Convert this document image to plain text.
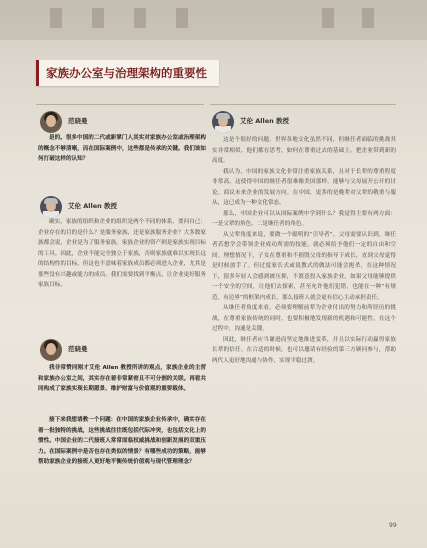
家族办公室与治理架构的重要性
范晓曼

是的。很多中国的二代或新掌门人其实对家族办公室或治理架构的概念不够清晰，而在国际案例中，这些都是传承的关键。我们该如何打破这样的认知？

艾伦 Allen 教授

确实，家族的组织和企业的组织是两个不同的体系。要问自己：企业存在的目的是什么？是服务家族，还是家族服务企业？大多数家族都会说，企业是为了服务家族。家族企业的资产则是家族实现目标的工具。因此，企业不能完全独立于家族，否则家族就难以实现长远的结构性的目标。但这也不意味着家族成员都必须进入企业，尤其是那些没有兴趣或能力的成员。我们需要找到平衡点，让企业更好服务家族目标。

范晓曼

我非常赞同刚才艾伦 Allen 教授所讲的观点，家族企业的主营和家族办公室之间，其实存在着非常紧密且不可分割的关联。再看共同构成了家族实现长期愿景、维护财富与价值观的重要载体。

接下来我想请教一个问题：在中国的家族企业传承中，确实存在着一批独特的挑战，这些挑战往往既包括代际冲突，也包括文化上的惯性。中国企业的二代接班人常常面临权威挑战和创新发展的双重压力。在国际案例中是否也存在类似的情景？有哪些成功的策略，能够帮助家族企业的接班人更好地平衡传统价值观与现代管理理念？

艾伦 Allen 教授

这是个很好的问题。世界各地文化虽然不同，但继任者面临的挑战其实非常相似。他们都在思考，如何在尊重过去的基础上，把企业带到新的高度。

我认为，中国的家族文化非常注重家族关系，且对于长辈的尊重程度非常高。这使得中国的继任者很难像美国那样，能够与父母展开公开的讨论、商议未来企业的发展方向。在中国，更多的是晚辈对父辈的敬重与服从，这已成为一种文化常态。

那么，中国企业可以从国际案例中学到什么？我觉得主要有两方面：一是父辈的角色，二是继任者的角色。

从父辈角度来说，要做一个聪明的“引导者”。父母需要认识到，继任者若想学会带领企业成功所需的技能，就必须给予他们一定的自由和空间。理想情况下，子女在尊重和不损毁父母的指导下成长，直到父母觉得是时候放手了。但过度家长式或说教式的做法可能会扼杀，在这种情况下，很多年轻人会感到被压抑，不愿意投入家族企业，如果父母能够提供一个安全的空间，让他们去探索，甚至允许他们犯错，也能在一种“有规范、有边界”的框架内成长，那么接班人就会更有信心主动承担责任。

从继任者角度来看，必须要理解前辈为企业付出的努力和所经历的挑战，在尊重家族传统的同时，也要积极地发现新的机遇和可能性。在这个过程中，沟通是关键。

因此，继任者应当谦逊而坚定地推进变革，并且以实际行动赢得家族长辈的信任。在合适的时候，也可以邀请有经验的第三方顾问参与，帮助两代人更好地沟通与协作，实现平稳过渡。

99
